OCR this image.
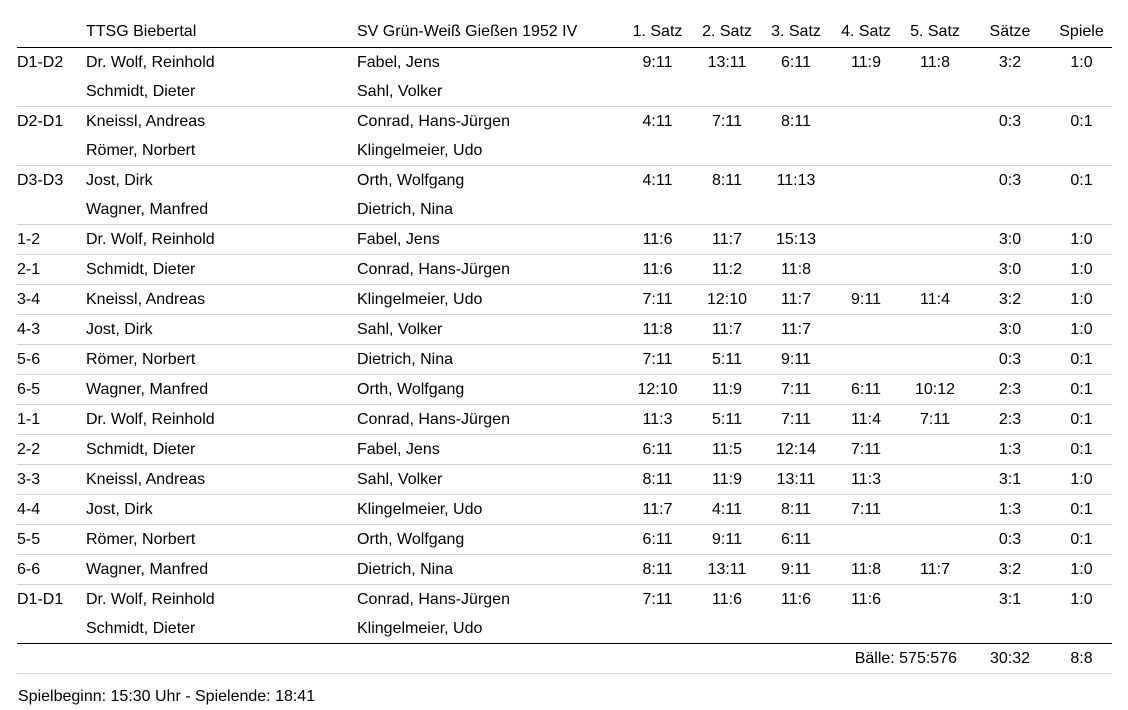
	TTSG Biebertal	SV Grün-Weiß Gießen 1952 IV	1. Satz	2. Satz	3. Satz	4. Satz	5. Satz	Sätze	Spiele
D1-D2	Dr. Wolf, Reinhold	Fabel, Jens	9:11	13:11	6:11	11:9	11:8	3:2	1:0
	Schmidt, Dieter	Sahl, Volker							
D2-D1	Kneissl, Andreas	Conrad, Hans-Jürgen	4:11	7:11	8:11			0:3	0:1
	Römer, Norbert	Klingelmeier, Udo							
D3-D3	Jost, Dirk	Orth, Wolfgang	4:11	8:11	11:13			0:3	0:1
	Wagner, Manfred	Dietrich, Nina							
1-2	Dr. Wolf, Reinhold	Fabel, Jens	11:6	11:7	15:13			3:0	1:0
2-1	Schmidt, Dieter	Conrad, Hans-Jürgen	11:6	11:2	11:8			3:0	1:0
3-4	Kneissl, Andreas	Klingelmeier, Udo	7:11	12:10	11:7	9:11	11:4	3:2	1:0
4-3	Jost, Dirk	Sahl, Volker	11:8	11:7	11:7			3:0	1:0
5-6	Römer, Norbert	Dietrich, Nina	7:11	5:11	9:11			0:3	0:1
6-5	Wagner, Manfred	Orth, Wolfgang	12:10	11:9	7:11	6:11	10:12	2:3	0:1
1-1	Dr. Wolf, Reinhold	Conrad, Hans-Jürgen	11:3	5:11	7:11	11:4	7:11	2:3	0:1
2-2	Schmidt, Dieter	Fabel, Jens	6:11	11:5	12:14	7:11		1:3	0:1
3-3	Kneissl, Andreas	Sahl, Volker	8:11	11:9	13:11	11:3		3:1	1:0
4-4	Jost, Dirk	Klingelmeier, Udo	11:7	4:11	8:11	7:11		1:3	0:1
5-5	Römer, Norbert	Orth, Wolfgang	6:11	9:11	6:11			0:3	0:1
6-6	Wagner, Manfred	Dietrich, Nina	8:11	13:11	9:11	11:8	11:7	3:2	1:0
D1-D1	Dr. Wolf, Reinhold	Conrad, Hans-Jürgen	7:11	11:6	11:6	11:6		3:1	1:0
	Schmidt, Dieter	Klingelmeier, Udo							
			Bälle: 575:576					30:32	8:8
Spielbeginn: 15:30 Uhr - Spielende: 18:41
